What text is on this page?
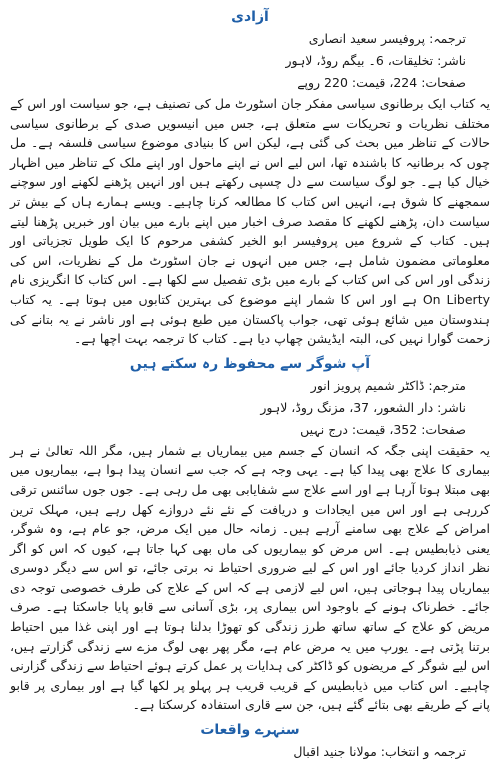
آزادی

ترجمہ: پروفیسر سعید انصاری

ناشر: تخلیقات، 6۔ بیگم روڈ، لاہور

صفحات: 224، قیمت: 220 روپے

یہ کتاب ایک برطانوی سیاسی مفکر جان اسٹورٹ مل کی تصنیف ہے، جو سیاست اور اس کے مختلف نظریات و تحریکات سے متعلق ہے، جس میں انیسویں صدی کے برطانوی سیاسی حالات کے تناظر میں بحث کی گئی ہے، لیکن اس کا بنیادی موضوع سیاسی فلسفہ ہے۔ مل چوں کہ برطانیہ کا باشندہ تھا، اس لیے اس نے اپنے ماحول اور اپنے ملک کے تناظر میں اظہار خیال کیا ہے۔ جو لوگ سیاست سے دل چسپی رکھتے ہیں اور انہیں پڑھنے لکھنے اور سوچنے سمجھنے کا شوق ہے، انہیں اس کتاب کا مطالعہ کرنا چاہیے۔ ویسے ہمارے ہاں کے بیش تر سیاست دان، پڑھنے لکھنے کا مقصد صرف اخبار میں اپنے بارے میں بیان اور خبریں پڑھنا لیتے ہیں۔ کتاب کے شروع میں پروفیسر ابو الخیر کشفی مرحوم کا ایک طویل تجزیاتی اور معلوماتی مضمون شامل ہے، جس میں انہوں نے جان اسٹورٹ مل کے نظریات، اس کی زندگی اور اس کی اس کتاب کے بارے میں بڑی تفصیل سے لکھا ہے۔ اس کتاب کا انگریزی نام On Liberty ہے اور اس کا شمار اپنے موضوع کی بہترین کتابوں میں ہوتا ہے۔ یہ کتاب ہندوستان میں شائع ہوئی تھی، جواب پاکستان میں طبع ہوئی ہے اور ناشر نے یہ بتانے کی زحمت گوارا نہیں کی، البتہ ایڈیشن چھاپ دیا ہے۔ کتاب کا ترجمہ بہت اچھا ہے۔

آپ شوگر سے محفوظ رہ سکتے ہیں

مترجم: ڈاکٹر شمیم پرویز انور

ناشر: دار الشعور، 37، مزنگ روڈ، لاہور

صفحات: 352، قیمت: درج نہیں

یہ حقیقت اپنی جگہ کہ انسان کے جسم میں بیماریاں بے شمار ہیں، مگر اللہ تعالیٰ نے ہر بیماری کا علاج بھی پیدا کیا ہے۔ یہی وجہ ہے کہ جب سے انسان پیدا ہوا ہے، بیماریوں میں بھی مبتلا ہوتا آرہا ہے اور اسے علاج سے شفایابی بھی مل رہی ہے۔ جوں جوں سائنس ترقی کررہی ہے اور اس میں ایجادات و دریافت کے نئے نئے دروازے کھل رہے ہیں، مہلک ترین امراض کے علاج بھی سامنے آرہے ہیں۔ زمانہ حال میں ایک مرض، جو عام ہے، وہ شوگر، یعنی ذیابطیس ہے۔ اس مرض کو بیماریوں کی ماں بھی کہا جاتا ہے، کیوں کہ اس کو اگر نظر انداز کردیا جائے اور اس کے لیے ضروری احتیاط نہ برتی جائے، تو اس سے دیگر دوسری بیماریاں پیدا ہوجاتی ہیں، اس لیے لازمی ہے کہ اس کے علاج کی طرف خصوصی توجہ دی جائے۔ خطرناک ہونے کے باوجود اس بیماری پر، بڑی آسانی سے قابو پایا جاسکتا ہے۔ صرف مریض کو علاج کے ساتھ ساتھ طرز زندگی کو تھوڑا بدلنا ہوتا ہے اور اپنی غذا میں احتیاط برتنا پڑتی ہے۔ یورپ میں یہ مرض عام ہے، مگر پھر بھی لوگ مزے سے زندگی گزارتے ہیں، اس لیے شوگر کے مریضوں کو ڈاکٹر کی ہدایات پر عمل کرتے ہوئے احتیاط سے زندگی گزارنی چاہیے۔ اس کتاب میں ذیابطیس کے قریب قریب ہر پہلو پر لکھا گیا ہے اور بیماری پر قابو پانے کے طریقے بھی بتائے گئے ہیں، جن سے قاری استفادہ کرسکتا ہے۔

سنہرے واقعات

ترجمہ و انتخاب: مولانا جنید اقبال
